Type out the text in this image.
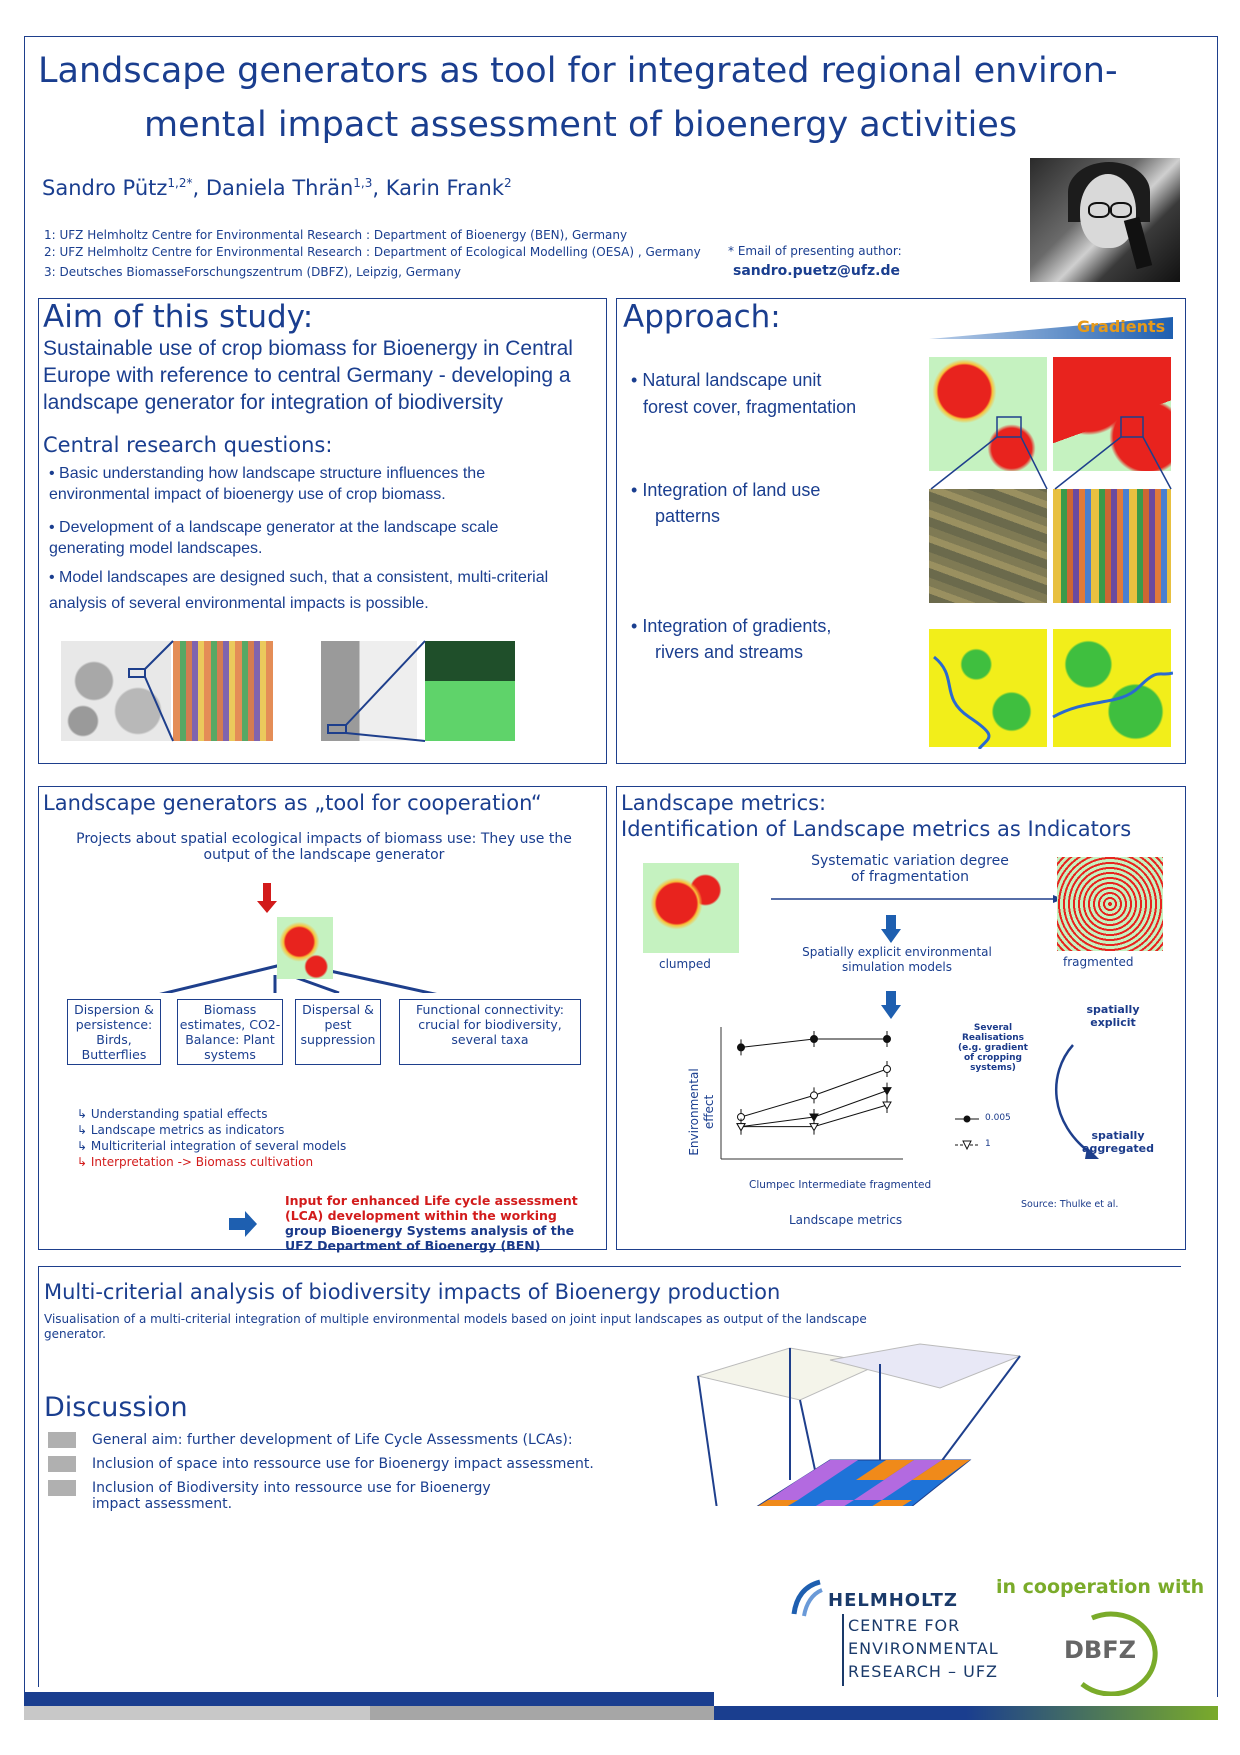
Landscape generators as tool for integrated regional environ-
mental impact assessment of bioenergy activities
Sandro Pütz$^{1,2*}$, Daniela Thrän$^{1,3}$, Karin Frank$^2$
1: UFZ Helmholtz Centre for Environmental Research : Department of Bioenergy (BEN), Germany
2: UFZ Helmholtz Centre for Environmental Research : Department of Ecological Modelling (OESA) , Germany
3: Deutsches BiomasseForschungszentrum (DBFZ), Leipzig, Germany
* Email of presenting author:
sandro.puetz@ufz.de
Aim of this study:
Sustainable use of crop biomass for Bioenergy in Central Europe with reference to central Germany - developing a landscape generator for integration of biodiversity
Central research questions:
• Basic understanding how landscape structure influences the environmental impact of bioenergy use of crop biomass.
• Development of a landscape generator at the landscape scale generating model landscapes.
• Model landscapes are designed such, that a consistent, multi-criterial analysis of several environmental impacts is possible.
Approach:	Gradients
• Natural landscape unit
forest cover, fragmentation
• Integration of land use
patterns
• Integration of gradients,
rivers and streams
Landscape generators as „tool for cooperation“
Projects about spatial ecological impacts of biomass use: They use the output of the landscape generator
Dispersion & persistence: Birds, Butterflies
Biomass estimates, CO2-Balance: Plant systems
Dispersal & pest suppression
Functional connectivity: crucial for biodiversity, several taxa
↳ Understanding spatial effects
↳ Landscape metrics as indicators
↳ Multicriterial integration of several models
↳ Interpretation -> Biomass cultivation
Input for enhanced Life cycle assessment (LCA) development within the working group Bioenergy Systems analysis of the UFZ Department of Bioenergy (BEN)
Landscape metrics:
Identification of Landscape metrics as Indicators
clumped
Systematic variation degree of fragmentation
fragmented
Spatially explicit environmental simulation models
Environmental effect
Clumpec Intermediate fragmented
Landscape metrics
Several Realisations (e.g. gradient of cropping systems)
0.005
1
spatially explicit
spatially aggregated
Source: Thulke et al.
Multi-criterial analysis of biodiversity impacts of Bioenergy production
Visualisation of a multi-criterial integration of multiple environmental models based on joint input landscapes as output of the landscape generator.
Discussion
General aim: further development of Life Cycle Assessments (LCAs):
Inclusion of space into ressource use for Bioenergy impact assessment.
Inclusion of Biodiversity into ressource use for Bioenergy impact assessment.
in cooperation with
HELMHOLTZ
CENTRE FOR
ENVIRONMENTAL
RESEARCH – UFZ
DBFZ
